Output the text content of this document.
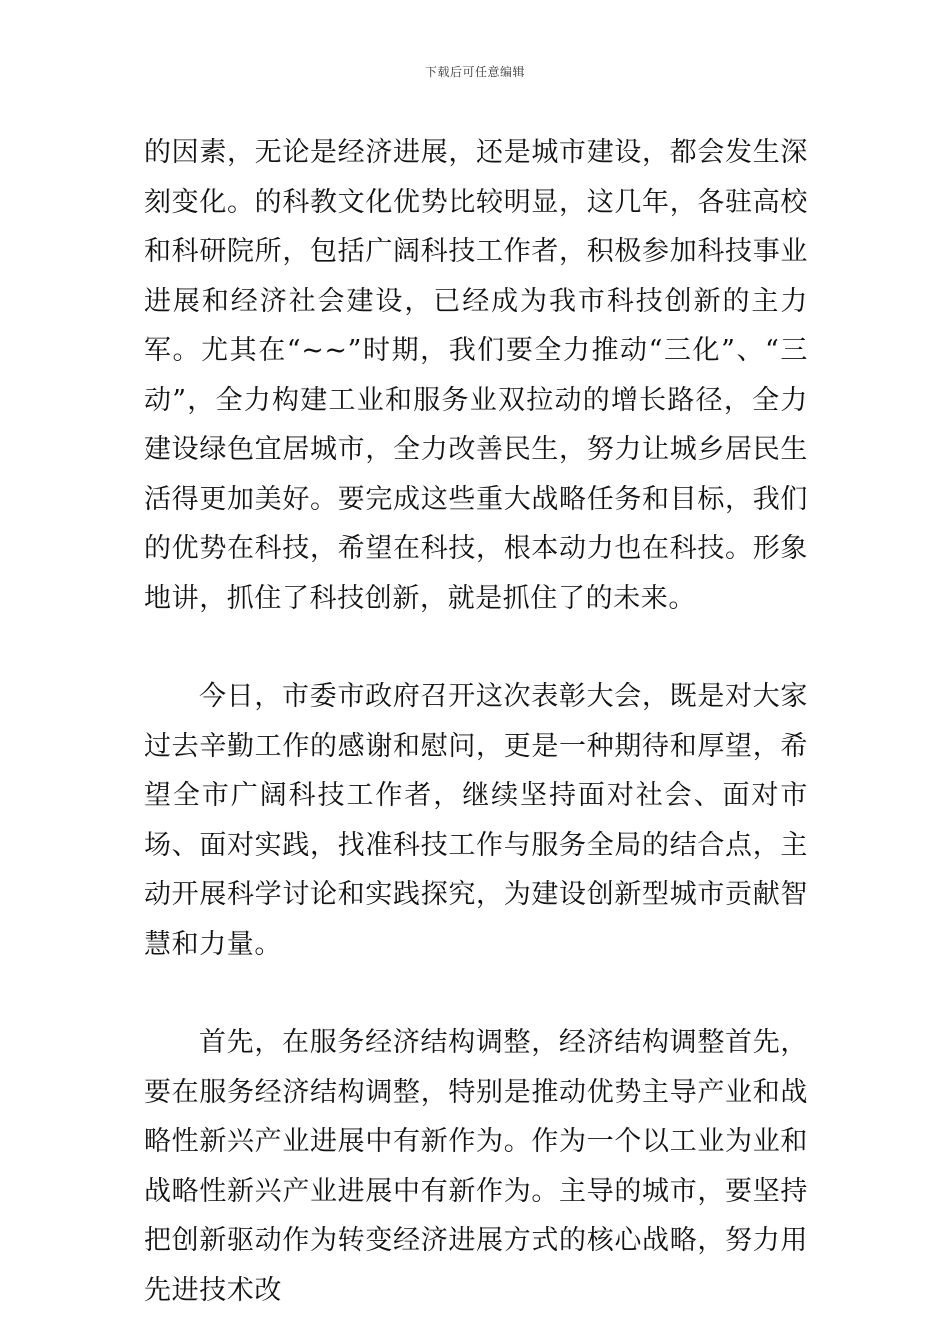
下载后可任意编辑

的因素，无论是经济进展，还是城市建设，都会发生深刻变化。的科教文化优势比较明显，这几年，各驻高校和科研院所，包括广阔科技工作者，积极参加科技事业进展和经济社会建设，已经成为我市科技创新的主力军。尤其在“~~”时期，我们要全力推动“三化”、“三动”，全力构建工业和服务业双拉动的增长路径，全力建设绿色宜居城市，全力改善民生，努力让城乡居民生活得更加美好。要完成这些重大战略任务和目标，我们的优势在科技，希望在科技，根本动力也在科技。形象地讲，抓住了科技创新，就是抓住了的未来。

今日，市委市政府召开这次表彰大会，既是对大家过去辛勤工作的感谢和慰问，更是一种期待和厚望，希望全市广阔科技工作者，继续坚持面对社会、面对市场、面对实践，找准科技工作与服务全局的结合点，主动开展科学讨论和实践探究，为建设创新型城市贡献智慧和力量。

首先，在服务经济结构调整，经济结构调整首先，要在服务经济结构调整，特别是推动优势主导产业和战略性新兴产业进展中有新作为。作为一个以工业为业和战略性新兴产业进展中有新作为。主导的城市，要坚持把创新驱动作为转变经济进展方式的核心战略，努力用先进技术改
